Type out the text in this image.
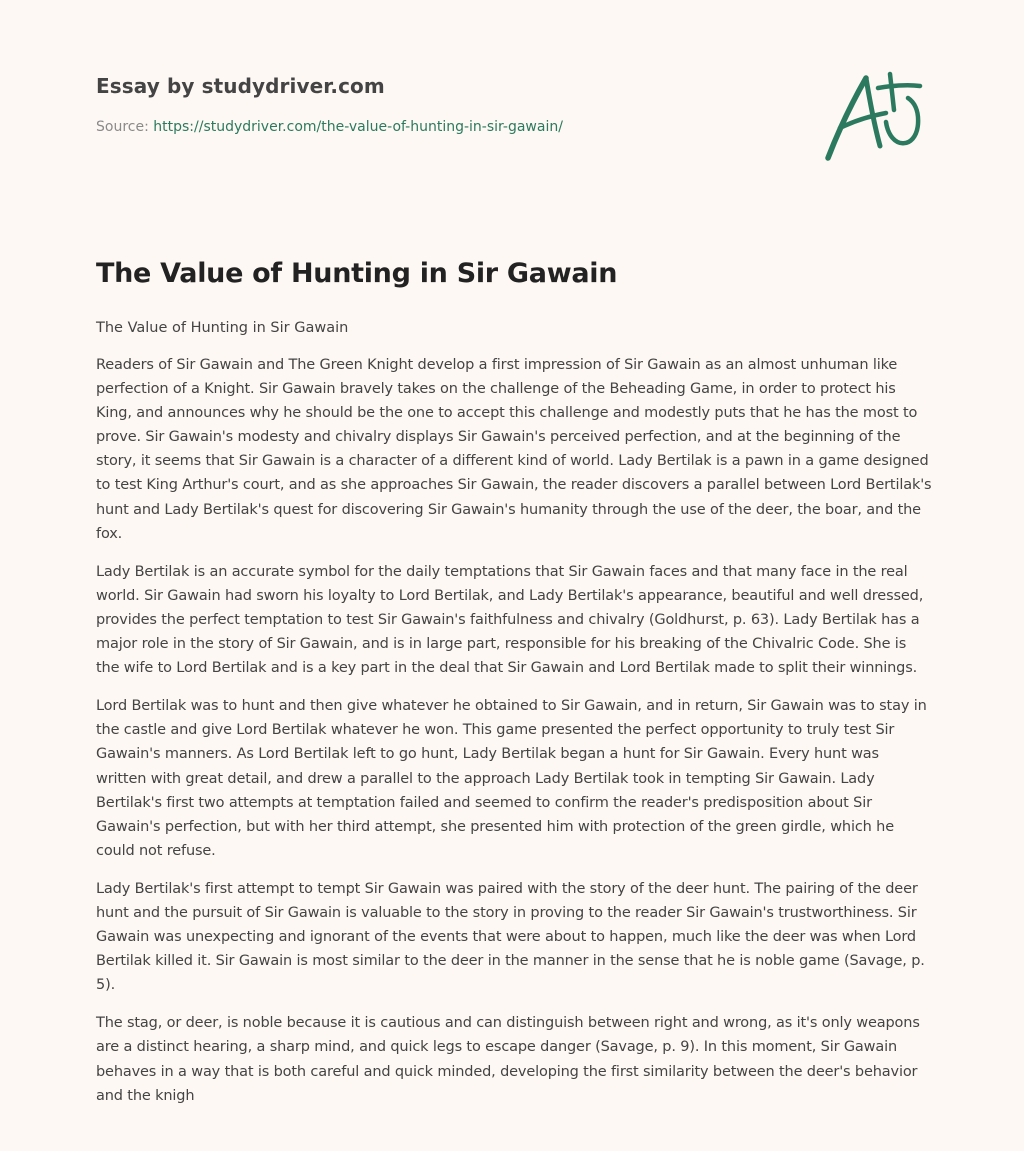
Essay by studydriver.com
Source: https://studydriver.com/the-value-of-hunting-in-sir-gawain/
The Value of Hunting in Sir Gawain
The Value of Hunting in Sir Gawain

Readers of Sir Gawain and The Green Knight develop a first impression of Sir Gawain as an almost unhuman like perfection of a Knight. Sir Gawain bravely takes on the challenge of the Beheading Game, in order to protect his King, and announces why he should be the one to accept this challenge and modestly puts that he has the most to prove. Sir Gawain's modesty and chivalry displays Sir Gawain's perceived perfection, and at the beginning of the story, it seems that Sir Gawain is a character of a different kind of world. Lady Bertilak is a pawn in a game designed to test King Arthur's court, and as she approaches Sir Gawain, the reader discovers a parallel between Lord Bertilak's hunt and Lady Bertilak's quest for discovering Sir Gawain's humanity through the use of the deer, the boar, and the fox.

Lady Bertilak is an accurate symbol for the daily temptations that Sir Gawain faces and that many face in the real world. Sir Gawain had sworn his loyalty to Lord Bertilak, and Lady Bertilak's appearance, beautiful and well dressed, provides the perfect temptation to test Sir Gawain's faithfulness and chivalry (Goldhurst, p. 63). Lady Bertilak has a major role in the story of Sir Gawain, and is in large part, responsible for his breaking of the Chivalric Code. She is the wife to Lord Bertilak and is a key part in the deal that Sir Gawain and Lord Bertilak made to split their winnings.

Lord Bertilak was to hunt and then give whatever he obtained to Sir Gawain, and in return, Sir Gawain was to stay in the castle and give Lord Bertilak whatever he won. This game presented the perfect opportunity to truly test Sir Gawain's manners. As Lord Bertilak left to go hunt, Lady Bertilak began a hunt for Sir Gawain. Every hunt was written with great detail, and drew a parallel to the approach Lady Bertilak took in tempting Sir Gawain. Lady Bertilak's first two attempts at temptation failed and seemed to confirm the reader's predisposition about Sir Gawain's perfection, but with her third attempt, she presented him with protection of the green girdle, which he could not refuse.

Lady Bertilak's first attempt to tempt Sir Gawain was paired with the story of the deer hunt. The pairing of the deer hunt and the pursuit of Sir Gawain is valuable to the story in proving to the reader Sir Gawain's trustworthiness. Sir Gawain was unexpecting and ignorant of the events that were about to happen, much like the deer was when Lord Bertilak killed it. Sir Gawain is most similar to the deer in the manner in the sense that he is noble game (Savage, p. 5).

The stag, or deer, is noble because it is cautious and can distinguish between right and wrong, as it's only weapons are a distinct hearing, a sharp mind, and quick legs to escape danger (Savage, p. 9). In this moment, Sir Gawain behaves in a way that is both careful and quick minded, developing the first similarity between the deer's behavior and the knigh
